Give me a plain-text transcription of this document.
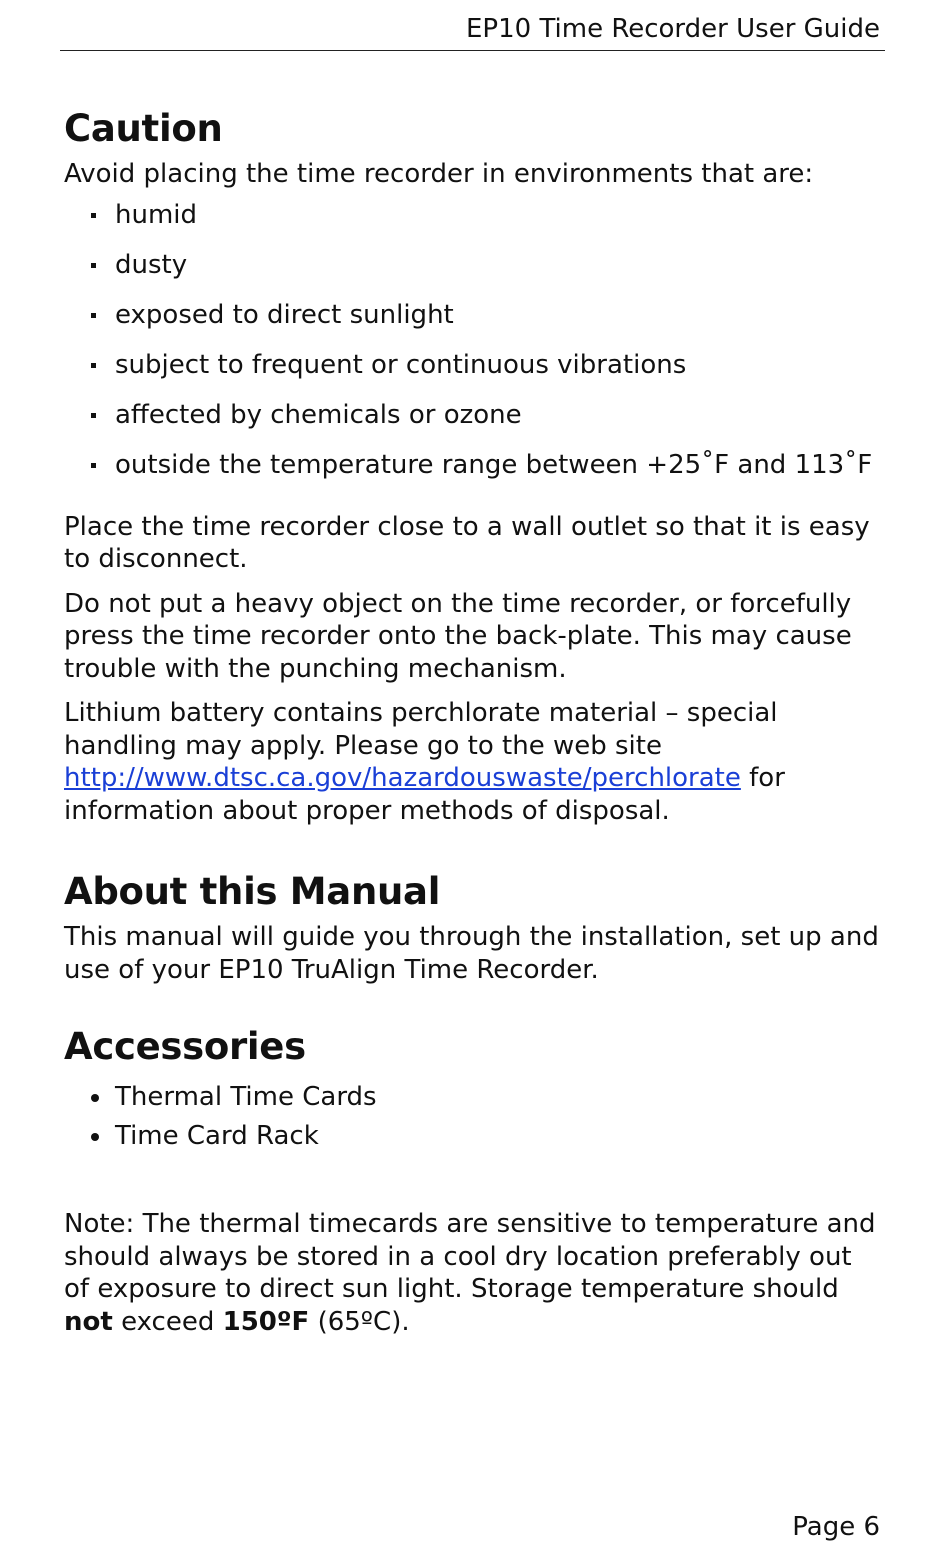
EP10 Time Recorder User Guide
Caution

Avoid placing the time recorder in environments that are:

humid
dusty
exposed to direct sunlight
subject to frequent or continuous vibrations
affected by chemicals or ozone
outside the temperature range between +25˚F and 113˚F

Place the time recorder close to a wall outlet so that it is easy to disconnect.

Do not put a heavy object on the time recorder, or forcefully press the time recorder onto the back-plate. This may cause trouble with the punching mechanism.

Lithium battery contains perchlorate material – special handling may apply. Please go to the web site http://www.dtsc.ca.gov/hazardouswaste/perchlorate for information about proper methods of disposal.

About this Manual

This manual will guide you through the installation, set up and use of your EP10 TruAlign Time Recorder.

Accessories
Thermal Time Cards
Time Card Rack

Note: The thermal timecards are sensitive to temperature and should always be stored in a cool dry location preferably out of exposure to direct sun light. Storage temperature should not exceed 150ºF (65ºC).

Page 6
